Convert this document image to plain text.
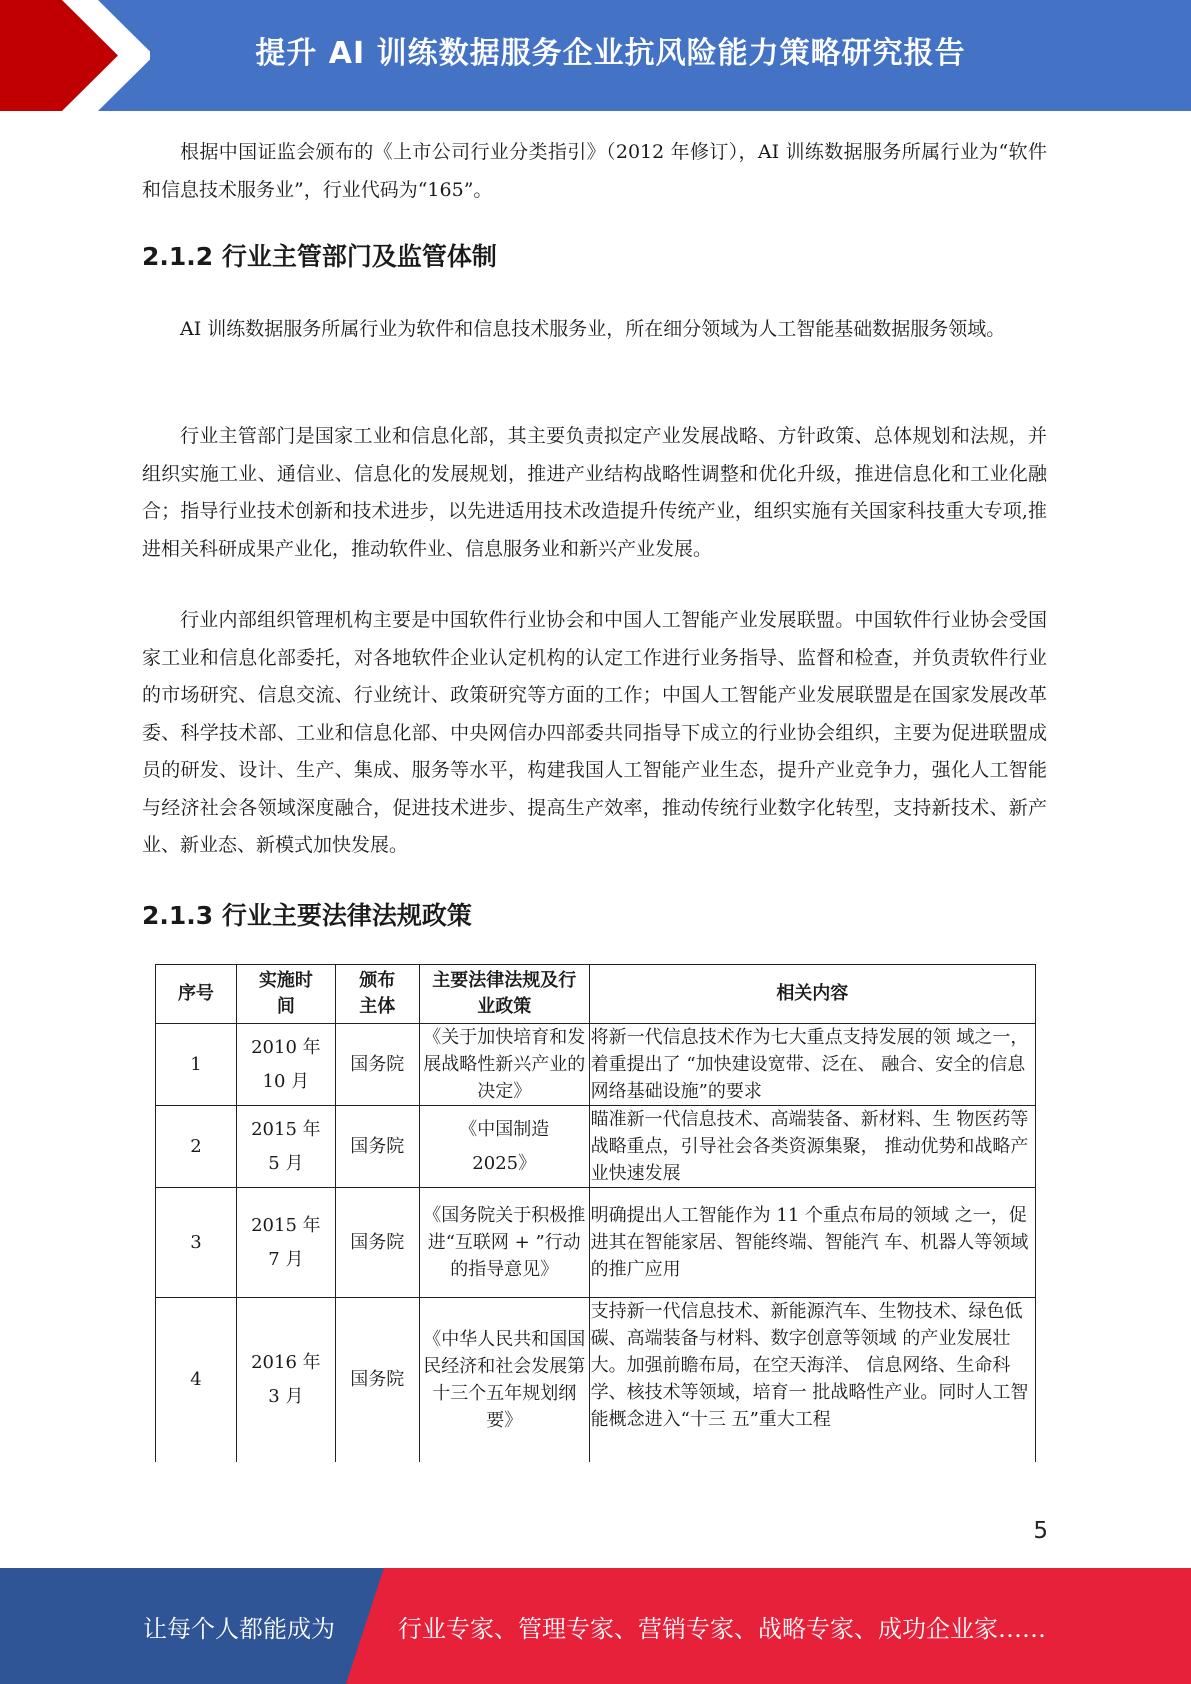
提升 AI 训练数据服务企业抗风险能力策略研究报告

根据中国证监会颁布的《上市公司行业分类指引》（2012 年修订），AI 训练数据服务所属行业为“软件和信息技术服务业”，行业代码为“165”。

2.1.2 行业主管部门及监管体制

AI 训练数据服务所属行业为软件和信息技术服务业，所在细分领域为人工智能基础数据服务领域。

行业主管部门是国家工业和信息化部，其主要负责拟定产业发展战略、方针政策、总体规划和法规，并组织实施工业、通信业、信息化的发展规划，推进产业结构战略性调整和优化升级，推进信息化和工业化融合；指导行业技术创新和技术进步，以先进适用技术改造提升传统产业，组织实施有关国家科技重大专项,推进相关科研成果产业化，推动软件业、信息服务业和新兴产业发展。

行业内部组织管理机构主要是中国软件行业协会和中国人工智能产业发展联盟。中国软件行业协会受国家工业和信息化部委托，对各地软件企业认定机构的认定工作进行业务指导、监督和检查，并负责软件行业的市场研究、信息交流、行业统计、政策研究等方面的工作；中国人工智能产业发展联盟是在国家发展改革委、科学技术部、工业和信息化部、中央网信办四部委共同指导下成立的行业协会组织，主要为促进联盟成员的研发、设计、生产、集成、服务等水平，构建我国人工智能产业生态，提升产业竞争力，强化人工智能与经济社会各领域深度融合，促进技术进步、提高生产效率，推动传统行业数字化转型，支持新技术、新产业、新业态、新模式加快发展。

2.1.3 行业主要法律法规政策
序号	实施时间	颁布主体	主要法律法规及行业政策	相关内容
1	2010 年 10 月	国务院	《关于加快培育和发展战略性新兴产业的决定》	将新一代信息技术作为七大重点支持发展的领 域之一，着重提出了 “加快建设宽带、泛在、 融合、安全的信息网络基础设施”的要求
2	2015 年 5 月	国务院	《中国制造 2025》	瞄准新一代信息技术、高端装备、新材料、生 物医药等战略重点，引导社会各类资源集聚， 推动优势和战略产业快速发展
3	2015 年 7 月	国务院	《国务院关于积极推进“互联网 + ”行动的指导意见》	明确提出人工智能作为 11 个重点布局的领域 之一，促进其在智能家居、智能终端、智能汽 车、机器人等领域的推广应用
4	2016 年 3 月	国务院	《中华人民共和国国民经济和社会发展第十三个五年规划纲要》	支持新一代信息技术、新能源汽车、生物技术、绿色低碳、高端装备与材料、数字创意等领域 的产业发展壮大。加强前瞻布局，在空天海洋、 信息网络、生命科学、核技术等领域，培育一 批战略性产业。同时人工智能概念进入“十三 五”重大工程
5
让每个人都能成为	行业专家、管理专家、营销专家、战略专家、成功企业家……
